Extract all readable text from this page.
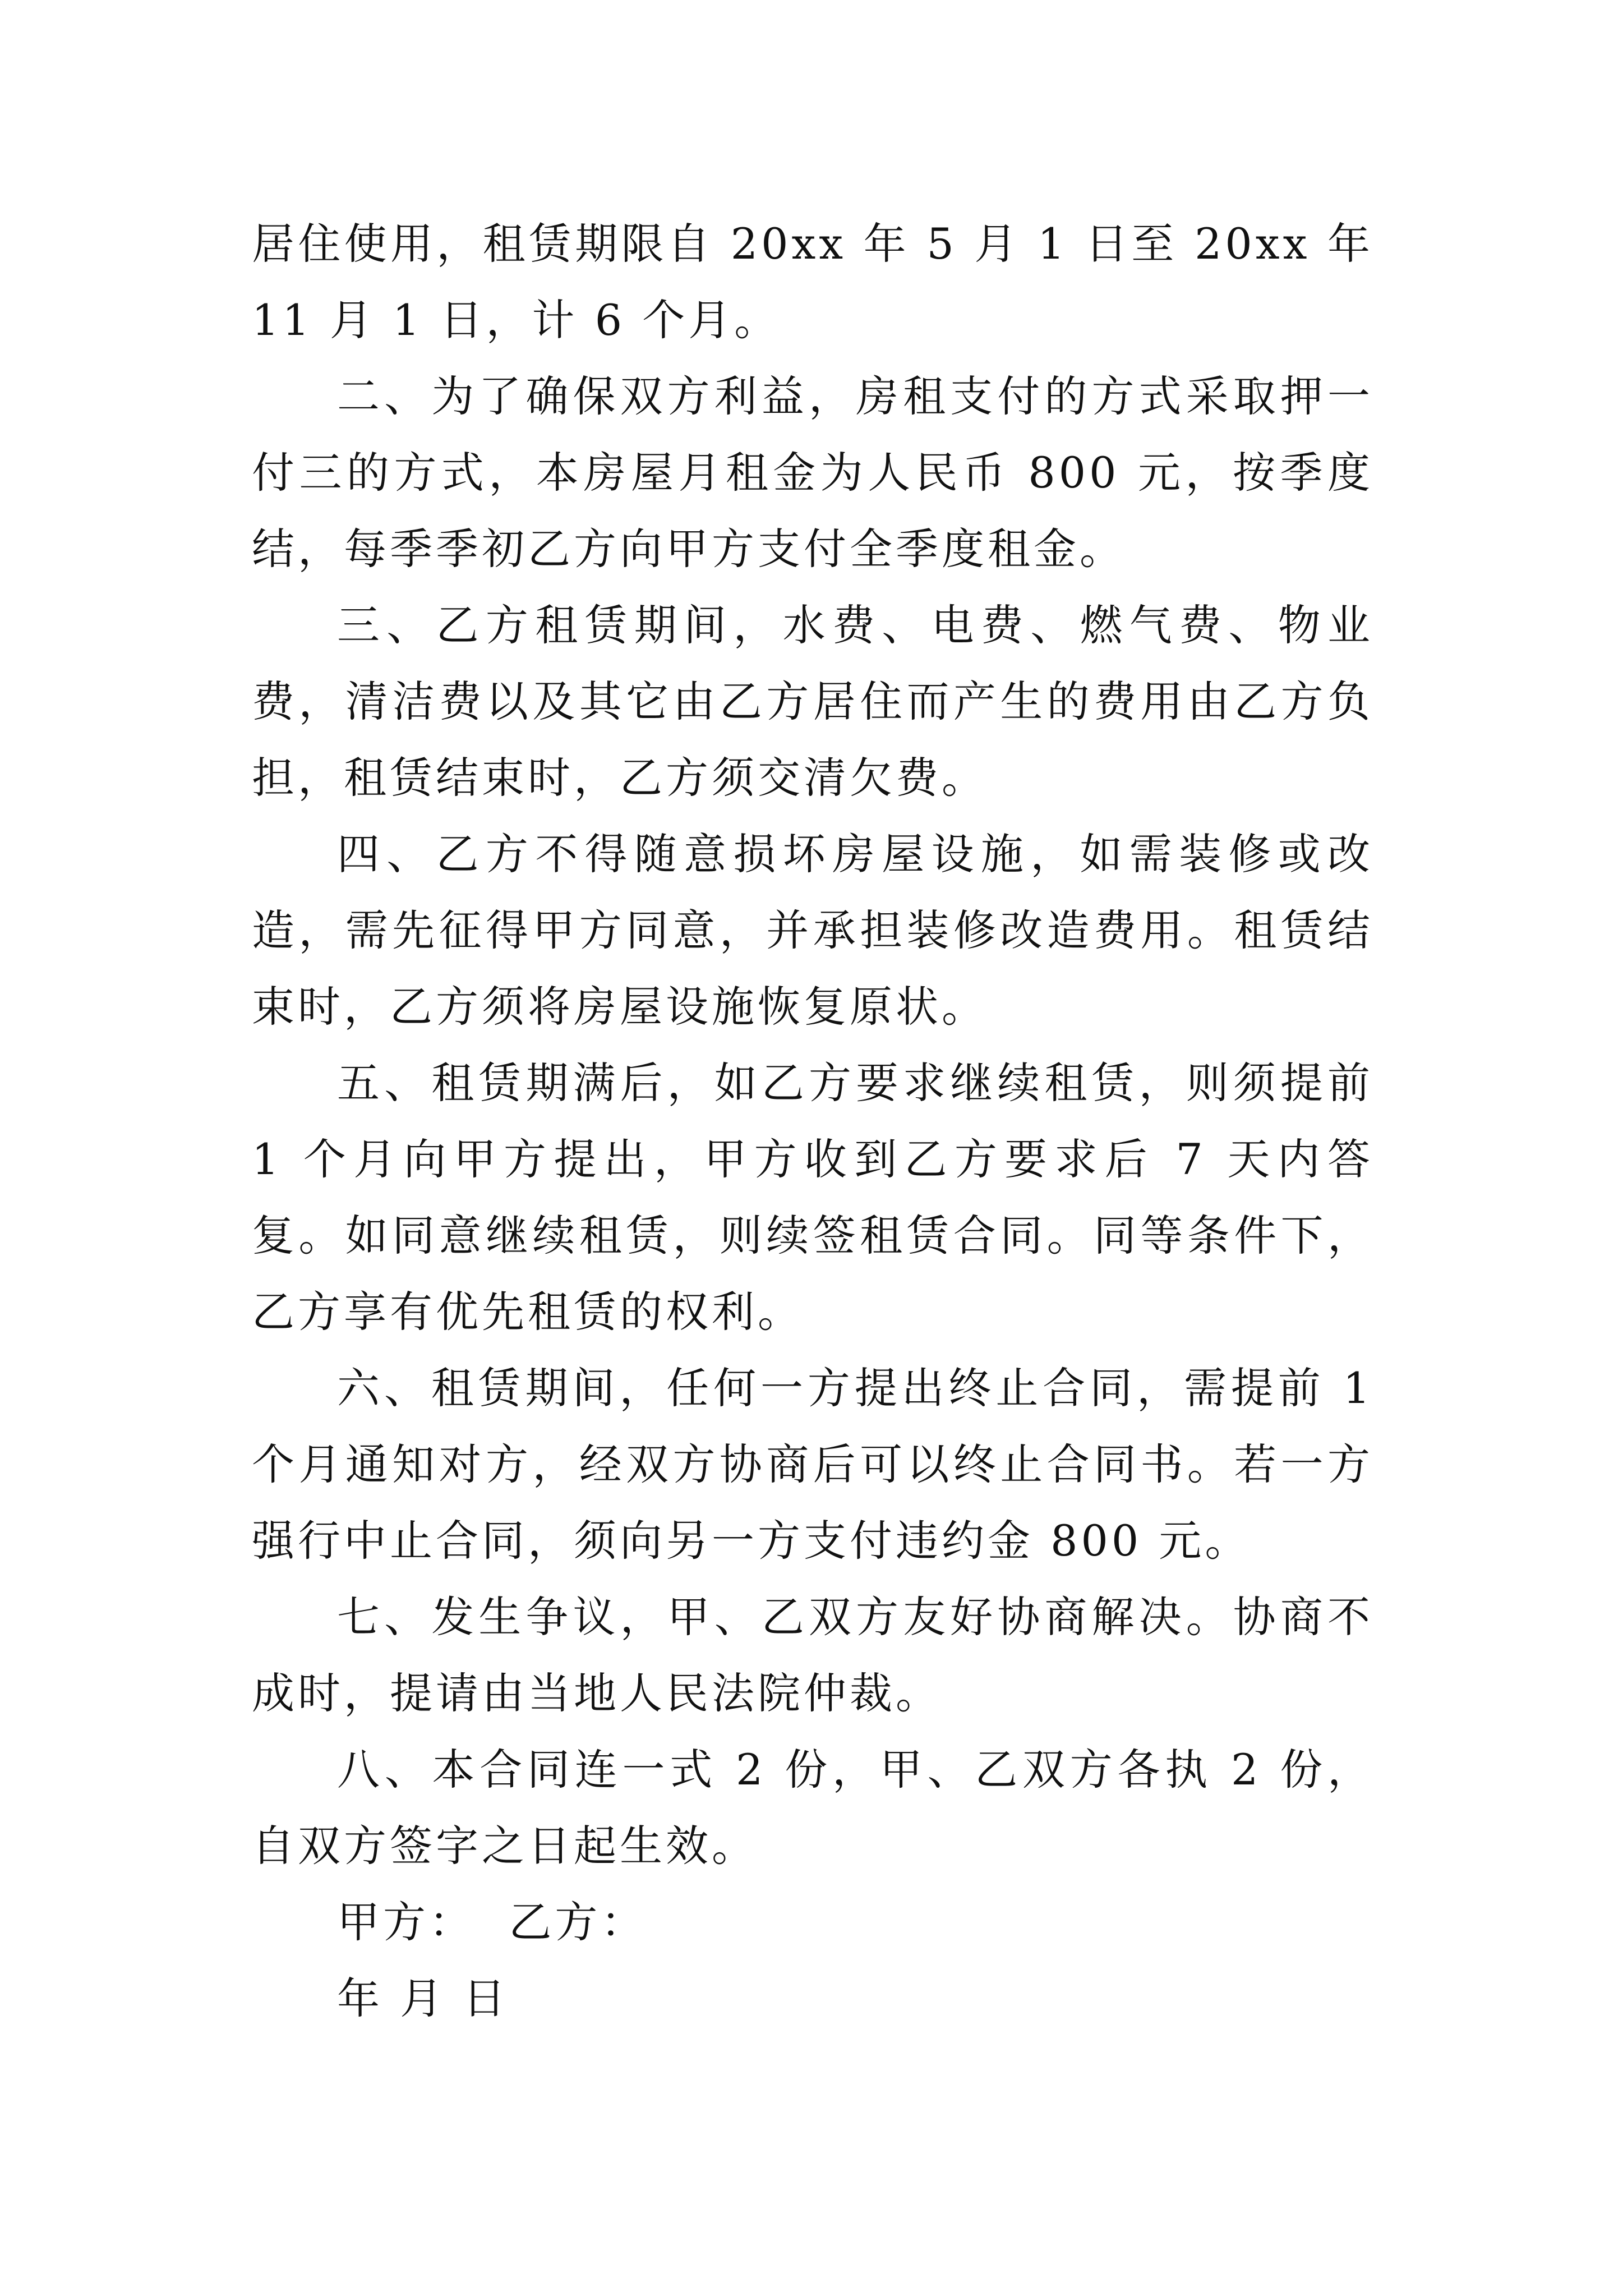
居住使用，租赁期限自 20xx 年 5 月 1 日至 20xx 年 11 月 1 日，计 6 个月。

二、为了确保双方利益，房租支付的方式采取押一付三的方式，本房屋月租金为人民币 800 元，按季度结，每季季初乙方向甲方支付全季度租金。

三、乙方租赁期间，水费、电费、燃气费、物业费，清洁费以及其它由乙方居住而产生的费用由乙方负担，租赁结束时，乙方须交清欠费。

四、乙方不得随意损坏房屋设施，如需装修或改造，需先征得甲方同意，并承担装修改造费用。租赁结束时，乙方须将房屋设施恢复原状。

五、租赁期满后，如乙方要求继续租赁，则须提前 1 个月向甲方提出，甲方收到乙方要求后 7 天内答复。如同意继续租赁，则续签租赁合同。同等条件下，乙方享有优先租赁的权利。

六、租赁期间，任何一方提出终止合同，需提前 1 个月通知对方，经双方协商后可以终止合同书。若一方强行中止合同，须向另一方支付违约金 800 元。

七、发生争议，甲、乙双方友好协商解决。协商不成时，提请由当地人民法院仲裁。

八、本合同连一式 2 份，甲、乙双方各执 2 份，自双方签字之日起生效。

甲方：  乙方：

年 月 日
